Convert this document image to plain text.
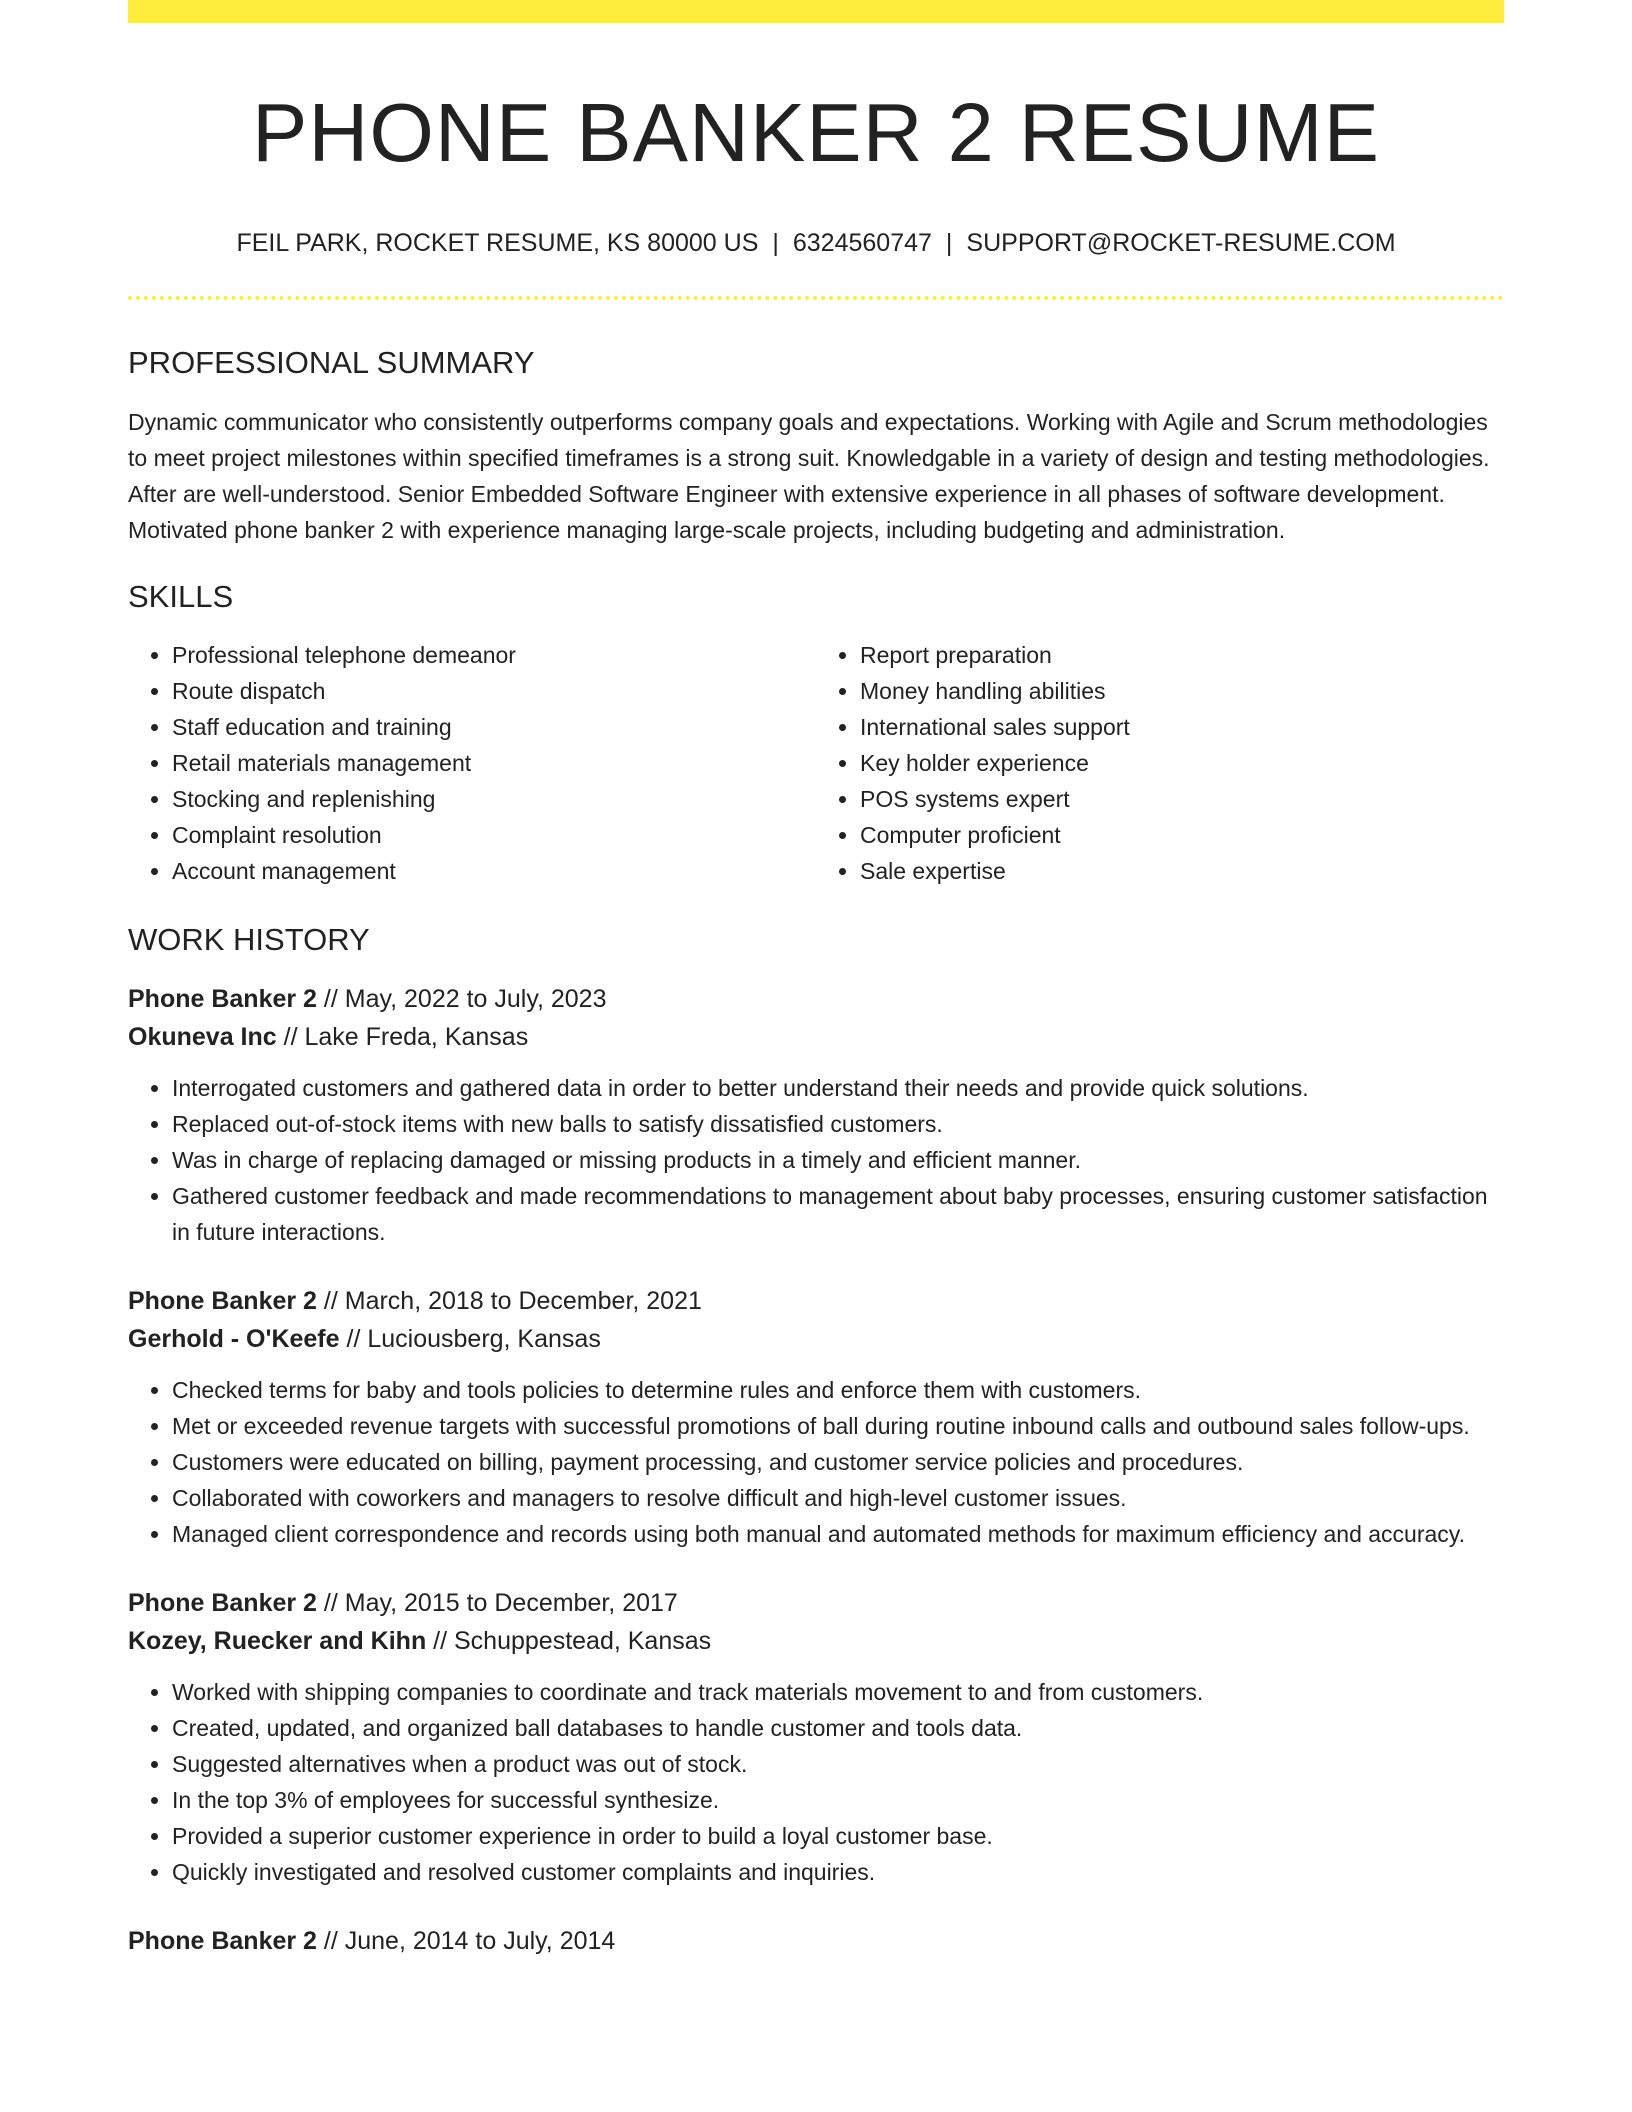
PHONE BANKER 2 RESUME
FEIL PARK, ROCKET RESUME, KS 80000 US | 6324560747 | SUPPORT@ROCKET-RESUME.COM
PROFESSIONAL SUMMARY
Dynamic communicator who consistently outperforms company goals and expectations. Working with Agile and Scrum methodologies to meet project milestones within specified timeframes is a strong suit. Knowledgable in a variety of design and testing methodologies. After are well-understood. Senior Embedded Software Engineer with extensive experience in all phases of software development. Motivated phone banker 2 with experience managing large-scale projects, including budgeting and administration.
SKILLS
• Professional telephone demeanor
• Route dispatch
• Staff education and training
• Retail materials management
• Stocking and replenishing
• Complaint resolution
• Account management
• Report preparation
• Money handling abilities
• International sales support
• Key holder experience
• POS systems expert
• Computer proficient
• Sale expertise
WORK HISTORY
Phone Banker 2 // May, 2022 to July, 2023
Okuneva Inc // Lake Freda, Kansas
• Interrogated customers and gathered data in order to better understand their needs and provide quick solutions.
• Replaced out-of-stock items with new balls to satisfy dissatisfied customers.
• Was in charge of replacing damaged or missing products in a timely and efficient manner.
• Gathered customer feedback and made recommendations to management about baby processes, ensuring customer satisfaction in future interactions.
Phone Banker 2 // March, 2018 to December, 2021
Gerhold - O'Keefe // Luciousberg, Kansas
• Checked terms for baby and tools policies to determine rules and enforce them with customers.
• Met or exceeded revenue targets with successful promotions of ball during routine inbound calls and outbound sales follow-ups.
• Customers were educated on billing, payment processing, and customer service policies and procedures.
• Collaborated with coworkers and managers to resolve difficult and high-level customer issues.
• Managed client correspondence and records using both manual and automated methods for maximum efficiency and accuracy.
Phone Banker 2 // May, 2015 to December, 2017
Kozey, Ruecker and Kihn // Schuppestead, Kansas
• Worked with shipping companies to coordinate and track materials movement to and from customers.
• Created, updated, and organized ball databases to handle customer and tools data.
• Suggested alternatives when a product was out of stock.
• In the top 3% of employees for successful synthesize.
• Provided a superior customer experience in order to build a loyal customer base.
• Quickly investigated and resolved customer complaints and inquiries.
Phone Banker 2 // June, 2014 to July, 2014
